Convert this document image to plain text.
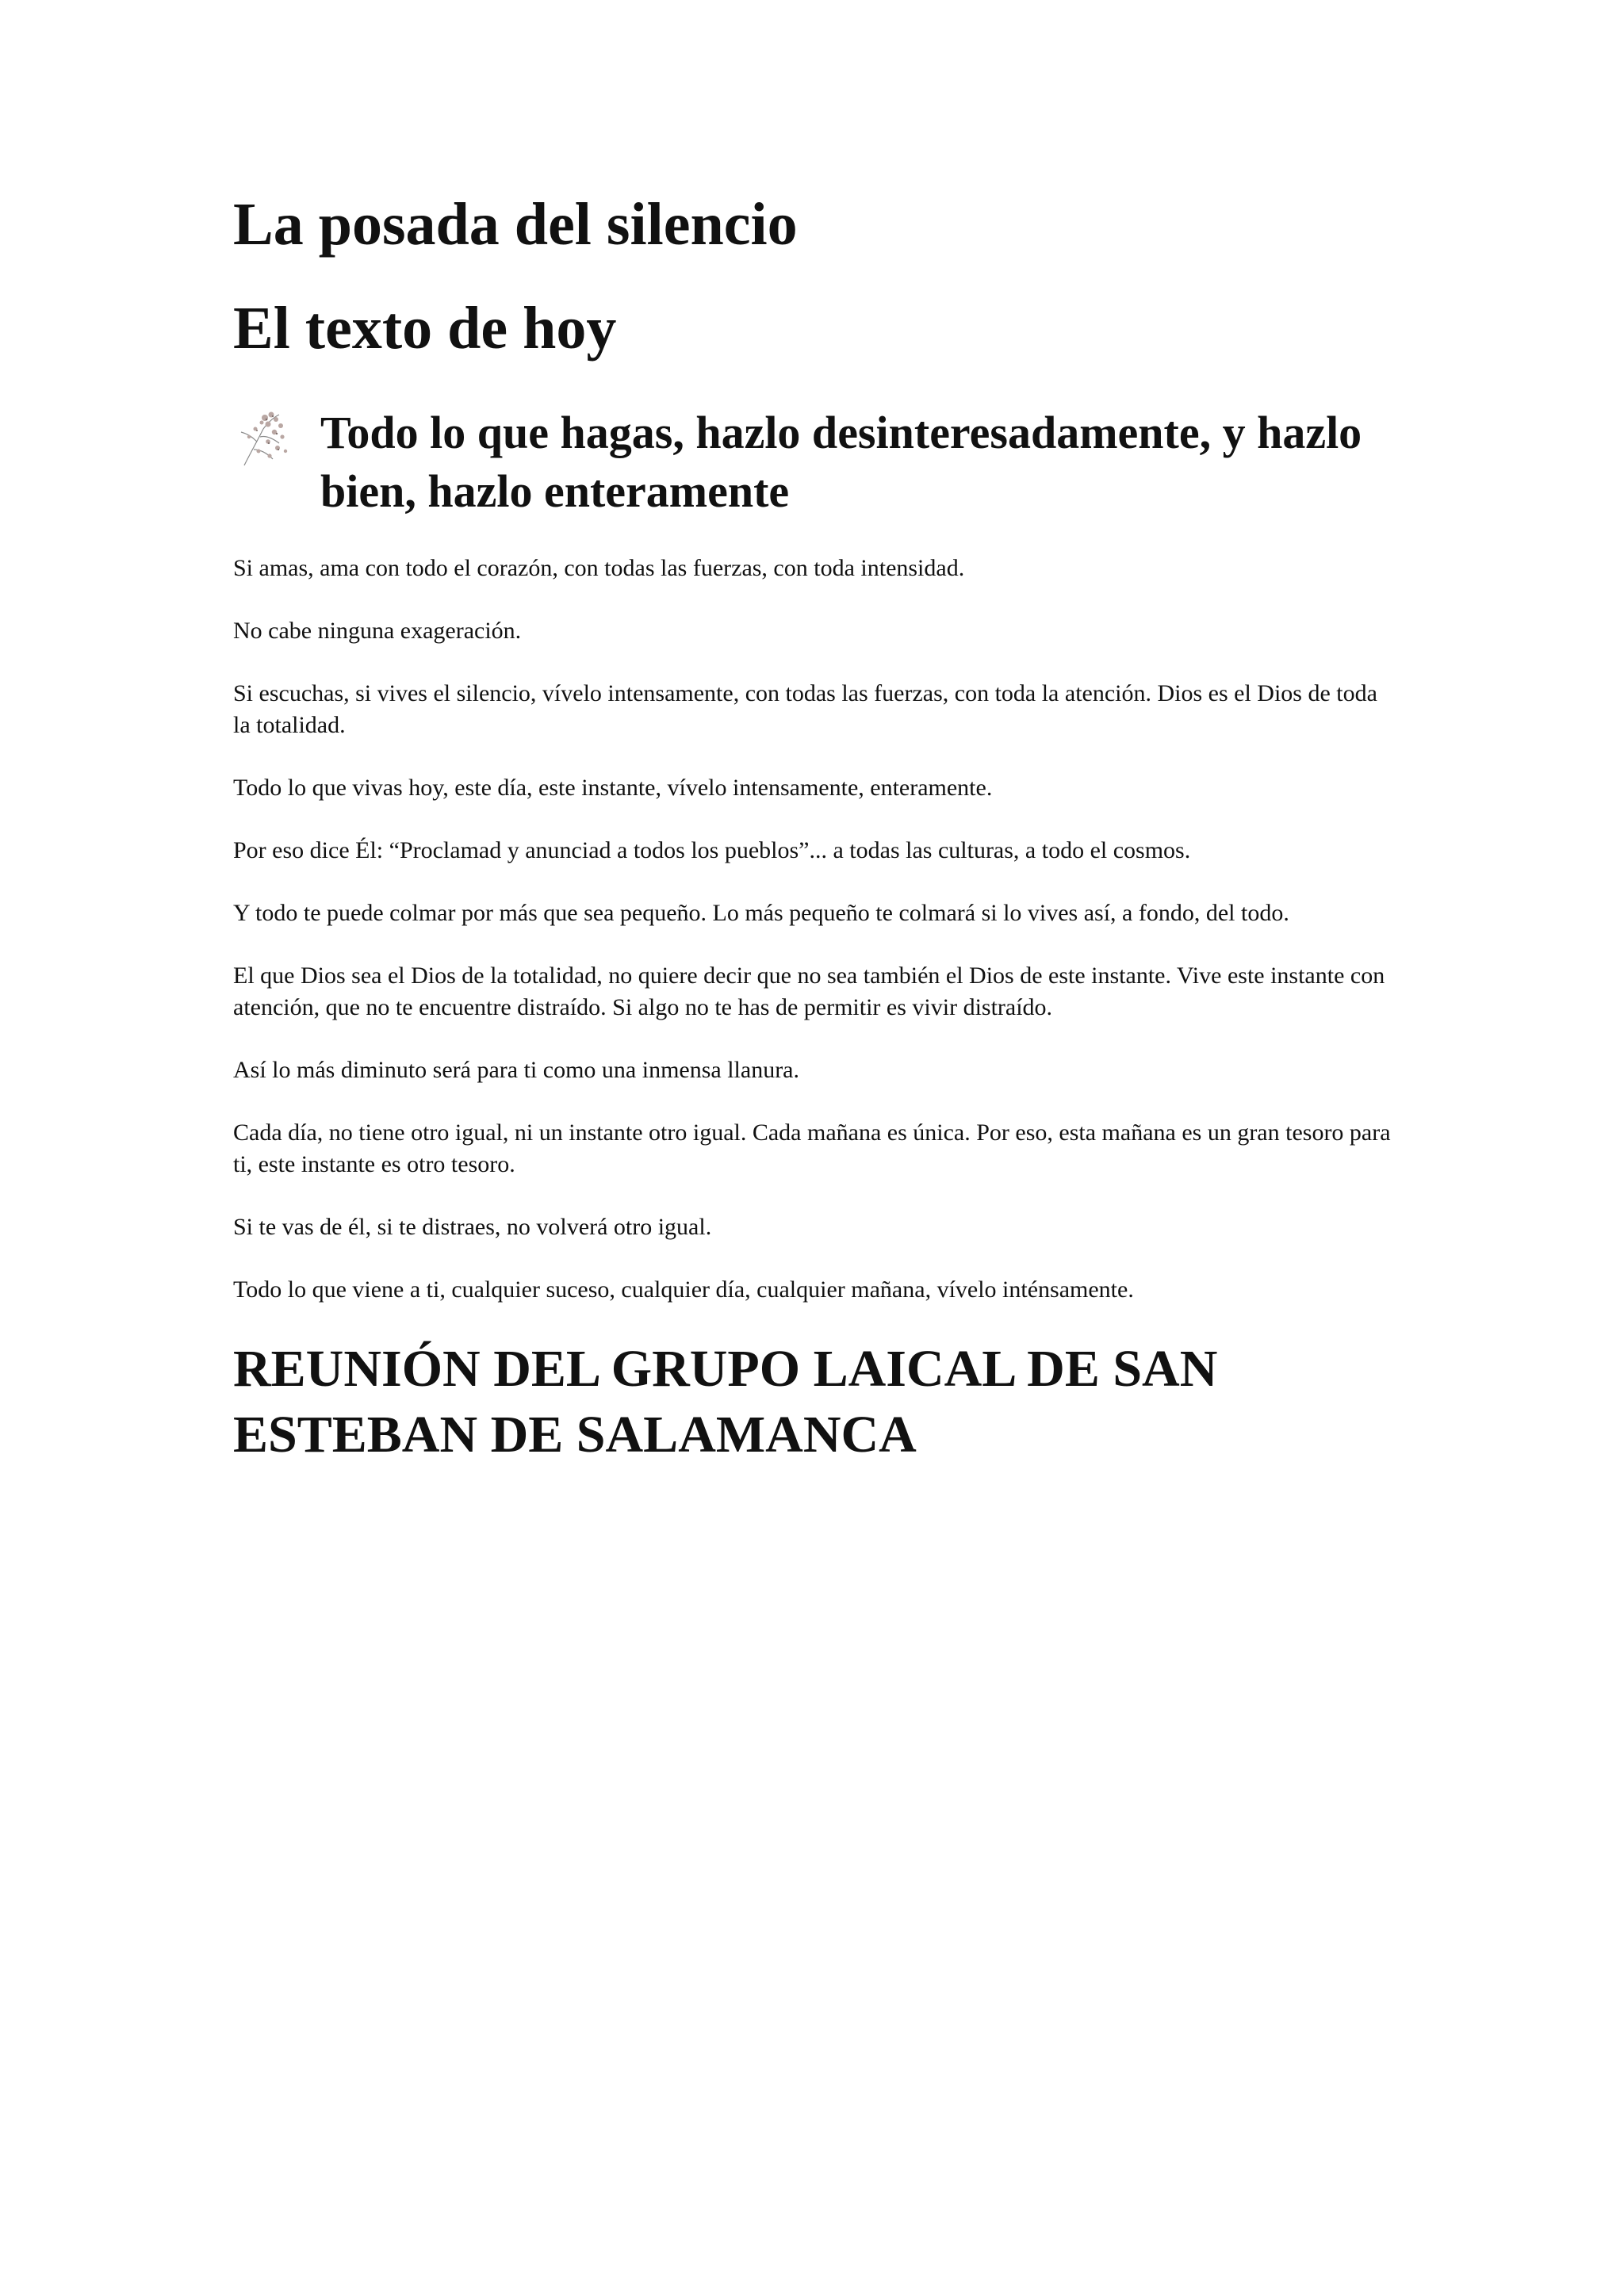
La posada del silencio
El texto de hoy
Todo lo que hagas, hazlo desinteresadamente, y hazlo bien, hazlo enteramente

Si amas, ama con todo el corazón, con todas las fuerzas, con toda intensidad.

No cabe ninguna exageración.

Si escuchas, si vives el silencio, vívelo intensamente, con todas las fuerzas, con toda la atención. Dios es el Dios de toda la totalidad.

Todo lo que vivas hoy, este día, este instante, vívelo intensamente, enteramente.

Por eso dice Él: “Proclamad y anunciad a todos los pueblos”... a todas las culturas, a todo el cosmos.

Y todo te puede colmar por más que sea pequeño. Lo más pequeño te colmará si lo vives así, a fondo, del todo.

El que Dios sea el Dios de la totalidad, no quiere decir que no sea también el Dios de este instante. Vive este instante con atención, que no te encuentre distraído. Si algo no te has de permitir es vivir distraído.

Así lo más diminuto será para ti como una inmensa llanura.

Cada día, no tiene otro igual, ni un instante otro igual. Cada mañana es única. Por eso, esta mañana es un gran tesoro para ti, este instante es otro tesoro.

Si te vas de él, si te distraes, no volverá otro igual.

Todo lo que viene a ti, cualquier suceso, cualquier día, cualquier mañana, vívelo inténsamente.

REUNIÓN DEL GRUPO LAICAL DE SAN ESTEBAN DE SALAMANCA
